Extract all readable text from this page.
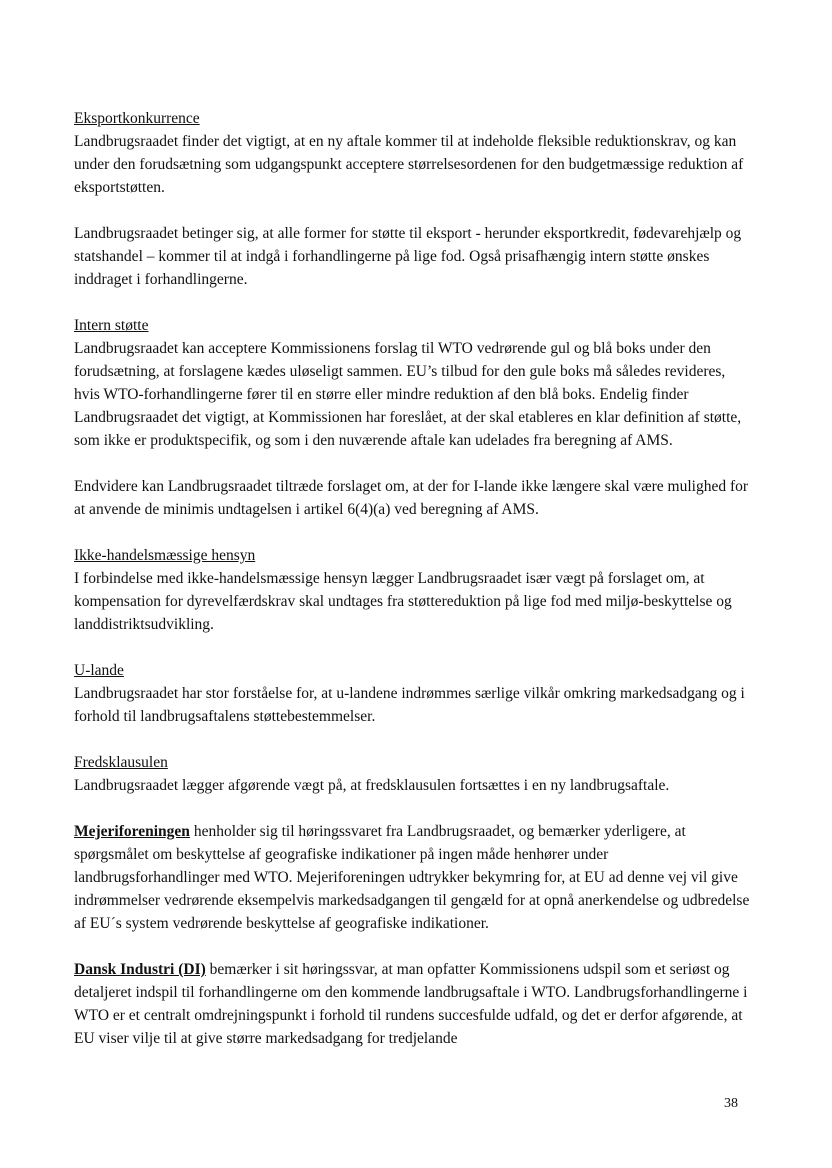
Eksportkonkurrence

Landbrugsraadet finder det vigtigt, at en ny aftale kommer til at indeholde fleksible reduktionskrav, og kan under den forudsætning som udgangspunkt acceptere størrelsesordenen for den budgetmæssige reduktion af eksportstøtten.

Landbrugsraadet betinger sig, at alle former for støtte til eksport - herunder eksportkredit, fødevarehjælp og statshandel – kommer til at indgå i forhandlingerne på lige fod. Også prisafhængig intern støtte ønskes inddraget i forhandlingerne.

Intern støtte

Landbrugsraadet kan acceptere Kommissionens forslag til WTO vedrørende gul og blå boks under den forudsætning, at forslagene kædes uløseligt sammen. EU’s tilbud for den gule boks må således revideres, hvis WTO-forhandlingerne fører til en større eller mindre reduktion af den blå boks. Endelig finder Landbrugsraadet det vigtigt, at Kommissionen har foreslået, at der skal etableres en klar definition af støtte, som ikke er produktspecifik, og som i den nuværende aftale kan udelades fra beregning af AMS.

Endvidere kan Landbrugsraadet tiltræde forslaget om, at der for I-lande ikke længere skal være mulighed for at anvende de minimis undtagelsen i artikel 6(4)(a) ved beregning af AMS.

Ikke-handelsmæssige hensyn

I forbindelse med ikke-handelsmæssige hensyn lægger Landbrugsraadet især vægt på forslaget om, at kompensation for dyrevelfærdskrav skal undtages fra støttereduktion på lige fod med miljø-beskyttelse og landdistriktsudvikling.

U-lande

Landbrugsraadet har stor forståelse for, at u-landene indrømmes særlige vilkår omkring markedsadgang og i forhold til landbrugsaftalens støttebestemmelser.

Fredsklausulen

Landbrugsraadet lægger afgørende vægt på, at fredsklausulen fortsættes i en ny landbrugsaftale.

Mejeriforeningen henholder sig til høringssvaret fra Landbrugsraadet, og bemærker yderligere, at spørgsmålet om beskyttelse af geografiske indikationer på ingen måde henhører under landbrugsforhandlinger med WTO. Mejeriforeningen udtrykker bekymring for, at EU ad denne vej vil give indrømmelser vedrørende eksempelvis markedsadgangen til gengæld for at opnå anerkendelse og udbredelse af EU´s system vedrørende beskyttelse af geografiske indikationer.

Dansk Industri (DI) bemærker i sit høringssvar, at man opfatter Kommissionens udspil som et seriøst og detaljeret indspil til forhandlingerne om den kommende landbrugsaftale i WTO. Landbrugsforhandlingerne i WTO er et centralt omdrejningspunkt i forhold til rundens succesfulde udfald, og det er derfor afgørende, at EU viser vilje til at give større markedsadgang for tredjelande

38
